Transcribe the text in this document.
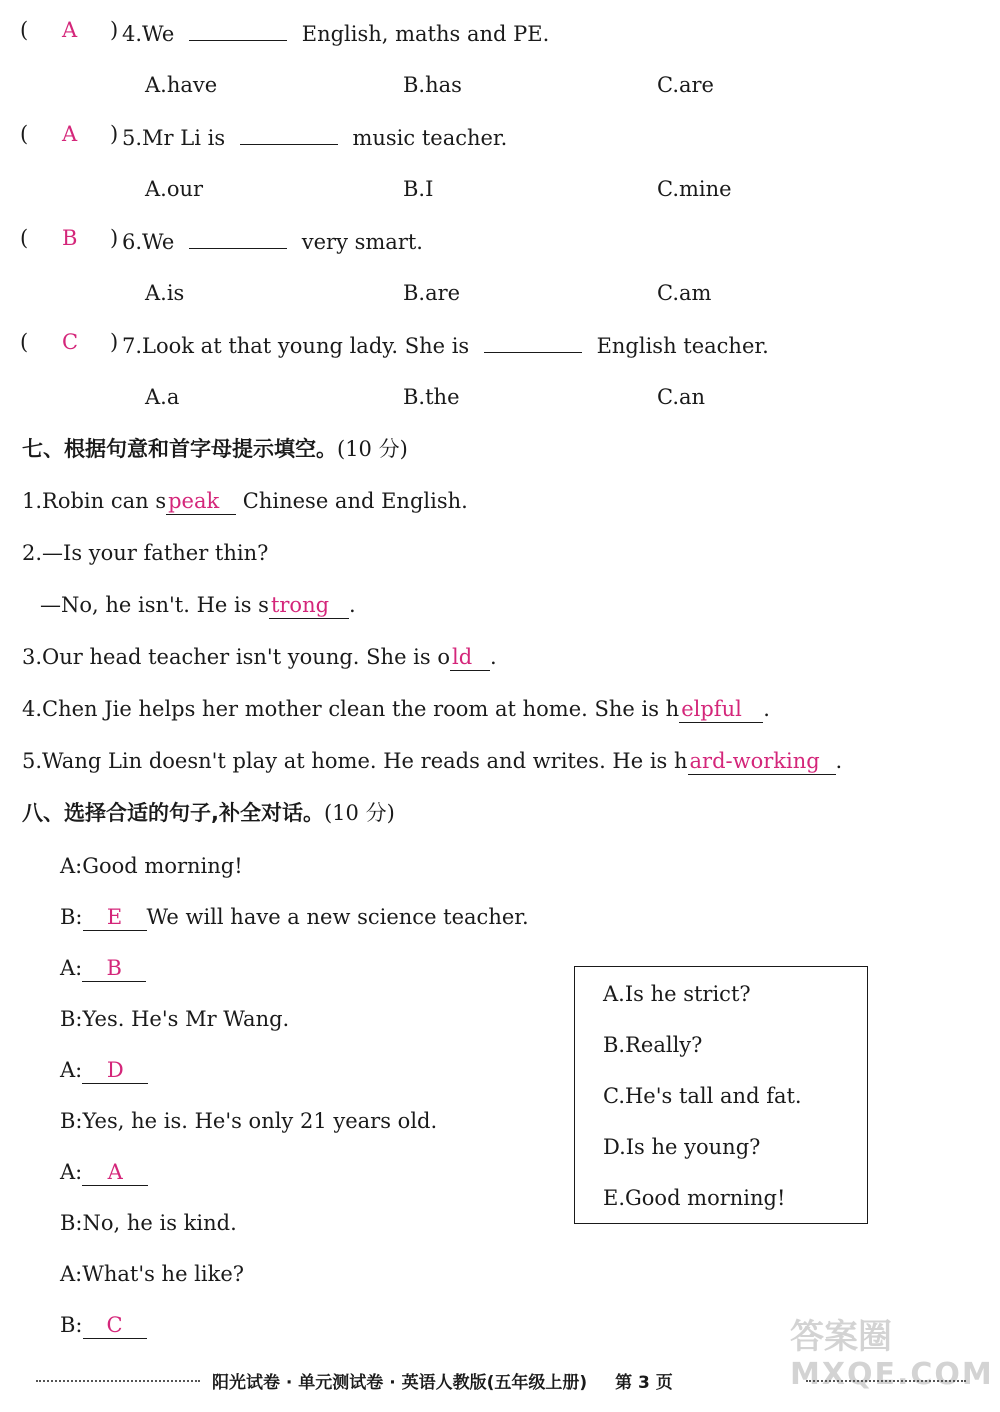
( A ) 4.We	English, maths and PE.
A.have	B.has	C.are
( A ) 5.Mr Li is	music teacher.
A.our	B.I	C.mine
( B ) 6.We	very smart.
A.is	B.are	C.am
( C ) 7.Look at that young lady. She is	English teacher.
A.a	B.the	C.an
七、根据句意和首字母提示填空。(10 分)
1.Robin can speak Chinese and English.
2.—Is your father thin?
—No, he isn't. He is strong .
3.Our head teacher isn't young. She is old .
4.Chen Jie helps her mother clean the room at home. She is helpful .
5.Wang Lin doesn't play at home. He reads and writes. He is hard-working .
八、选择合适的句子,补全对话。(10 分)
A:Good morning!
B: E We will have a new science teacher.
A: B
B:Yes. He's Mr Wang.
A: D
B:Yes, he is. He's only 21 years old.
A: A
B:No, he is kind.
A:What's he like?
B: C
A.Is he strict?
B.Really?
C.He's tall and fat.
D.Is he young?
E.Good morning!
答案圈
MXQE.COM
阳光试卷 · 单元测试卷 · 英语人教版(五年级上册) 第 3 页
